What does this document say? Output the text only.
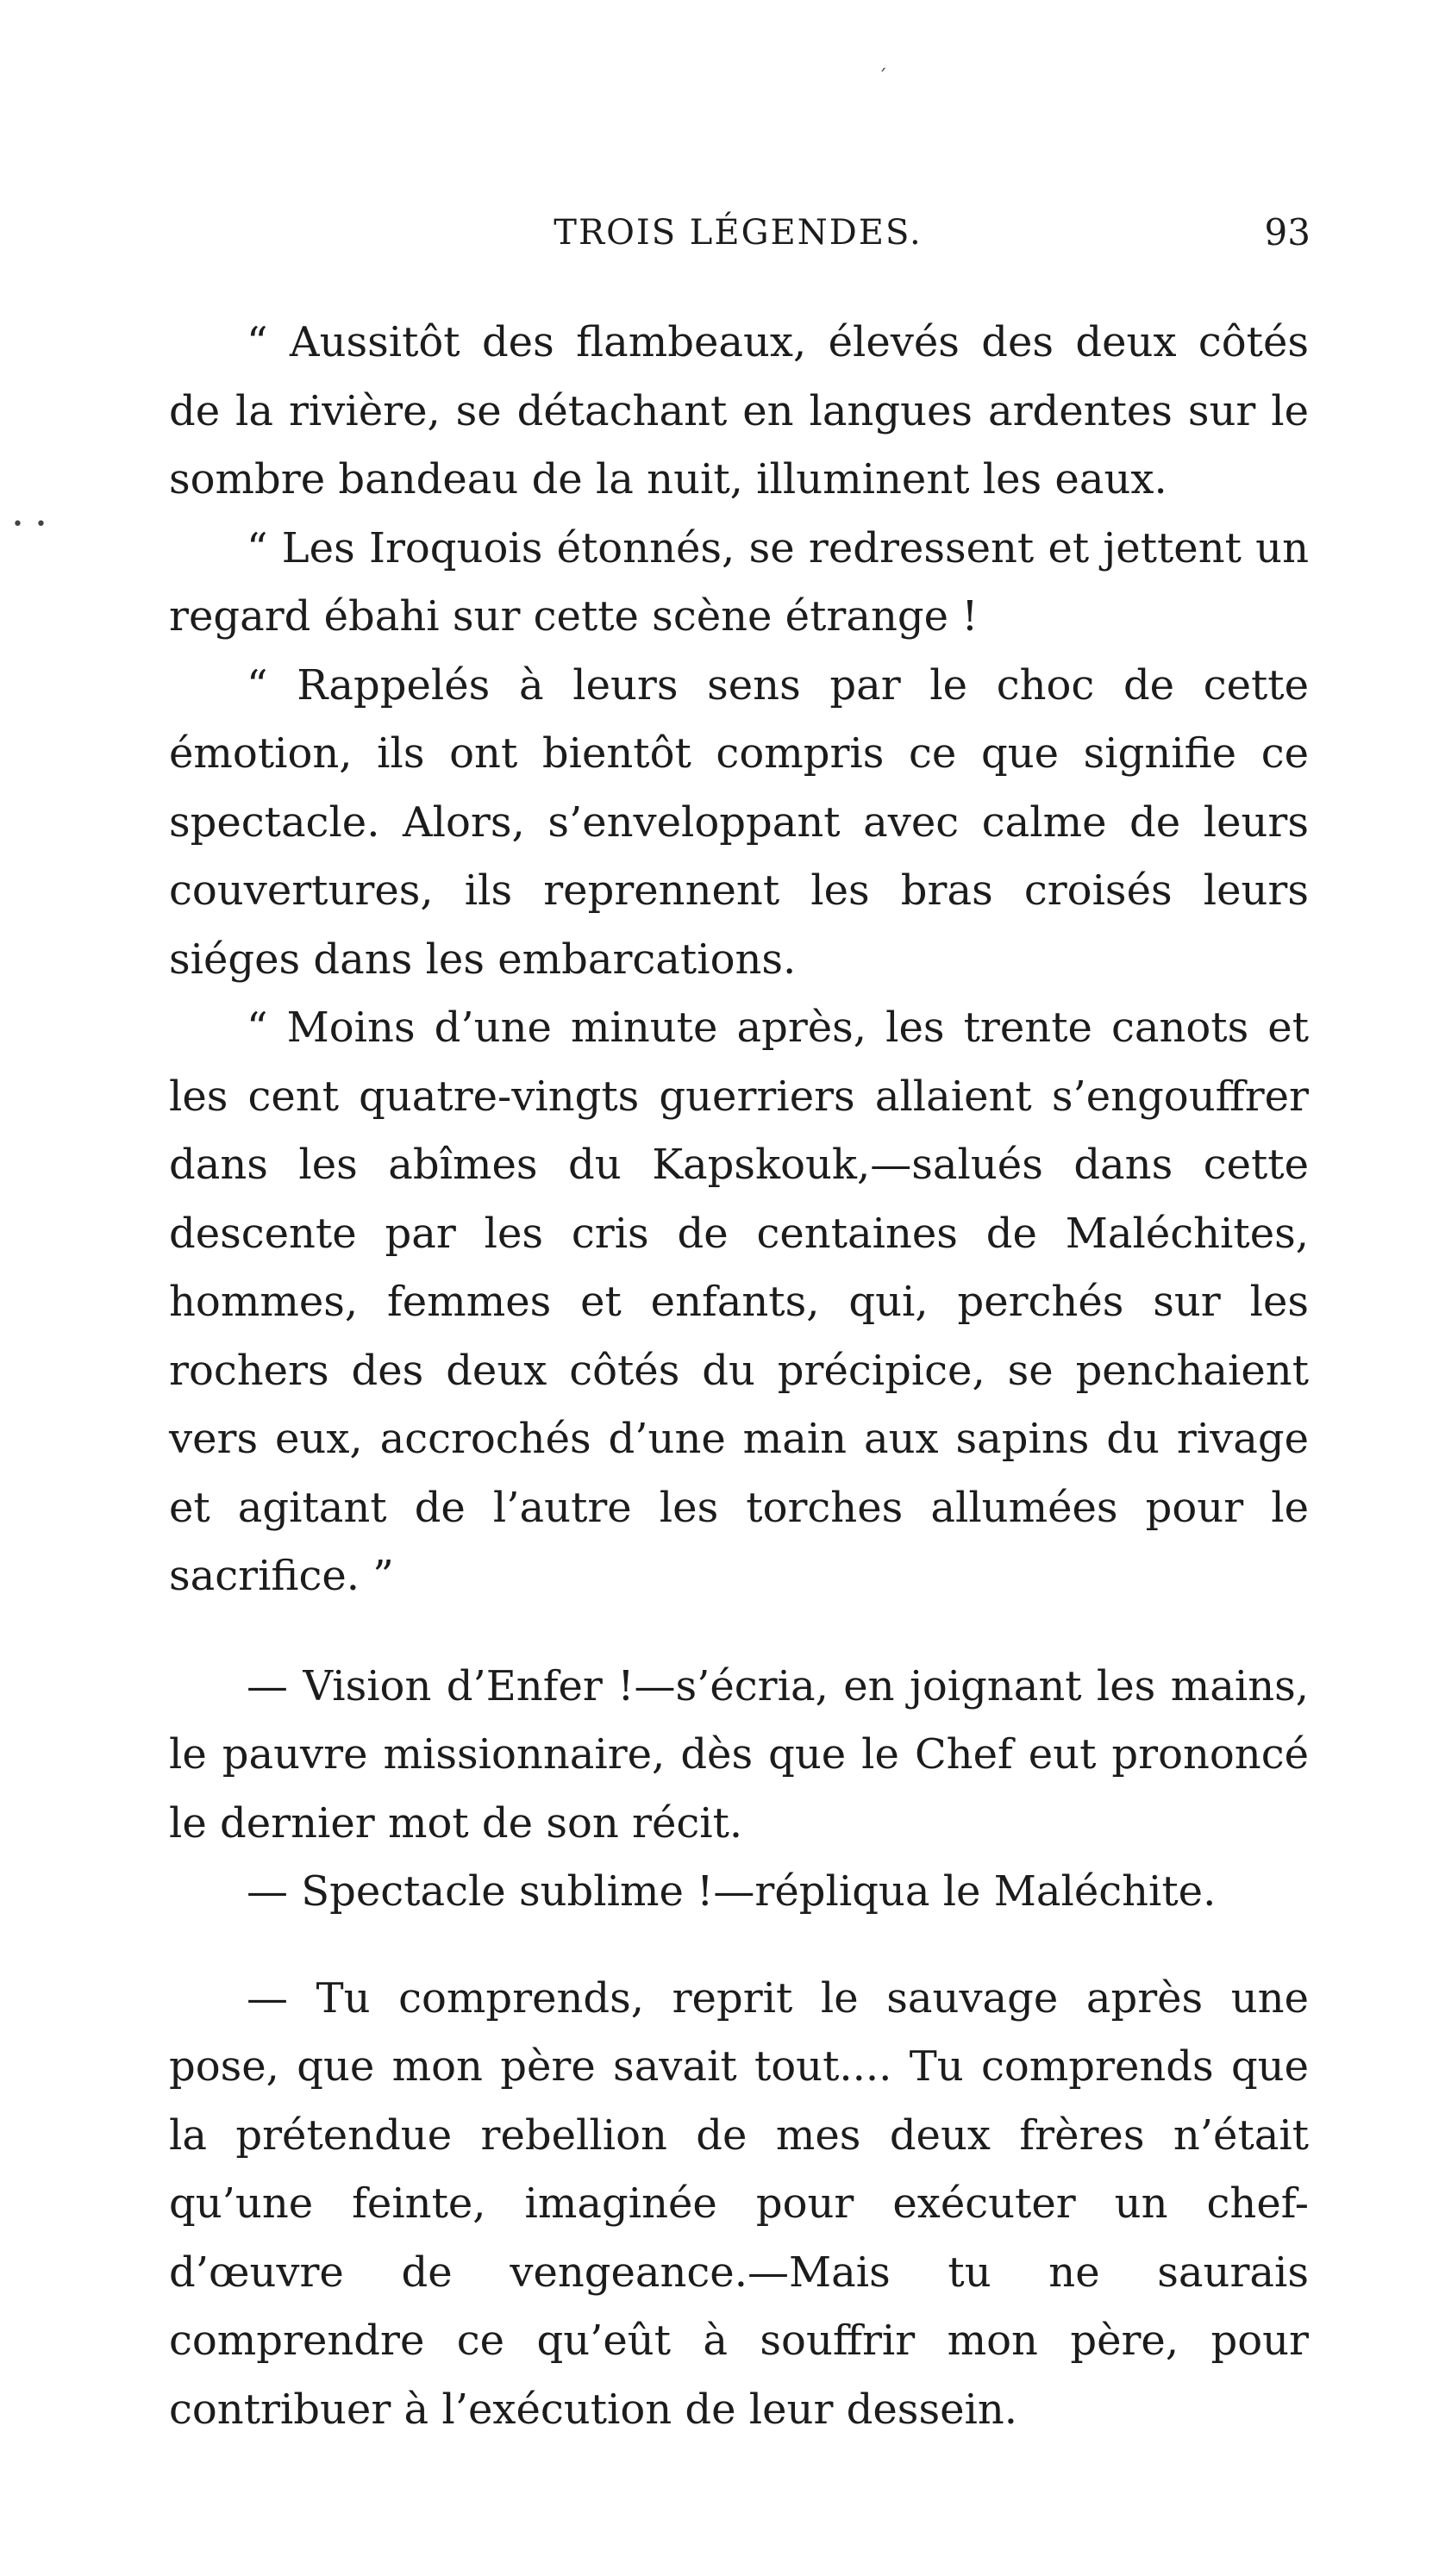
´
•  •
TROIS LÉGENDES.	93

“ Aussitôt des flambeaux, élevés des deux côtés de la rivière, se détachant en langues ardentes sur le sombre bandeau de la nuit, illuminent les eaux.

“ Les Iroquois étonnés, se redressent et jettent un regard ébahi sur cette scène étrange !

“ Rappelés à leurs sens par le choc de cette émotion, ils ont bientôt compris ce que signifie ce spectacle. Alors, s’enveloppant avec calme de leurs couvertures, ils reprennent les bras croisés leurs siéges dans les embarcations.

“ Moins d’une minute après, les trente canots et les cent quatre-vingts guerriers allaient s’engouffrer dans les abîmes du Kapskouk,—salués dans cette descente par les cris de centaines de Maléchites, hommes, femmes et enfants, qui, perchés sur les rochers des deux côtés du précipice, se penchaient vers eux, accrochés d’une main aux sapins du rivage et agitant de l’autre les torches allumées pour le sacrifice. ”

— Vision d’Enfer !—s’écria, en joignant les mains, le pauvre missionnaire, dès que le Chef eut prononcé le dernier mot de son récit.

— Spectacle sublime !—répliqua le Maléchite.

— Tu comprends, reprit le sauvage après une pose, que mon père savait tout.... Tu comprends que la prétendue rebellion de mes deux frères n’était qu’une feinte, imaginée pour exécuter un chef-d’œuvre de vengeance.—Mais tu ne saurais comprendre ce qu’eût à souffrir mon père, pour contribuer à l’exécution de leur dessein.
